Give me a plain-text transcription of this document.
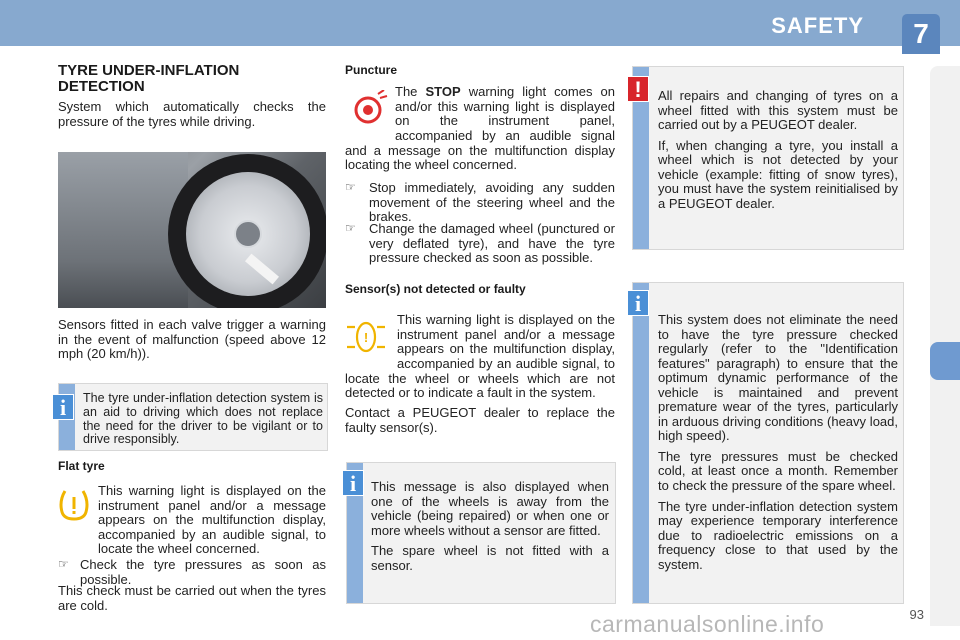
SAFETY	7
TYRE UNDER-INFLATION DETECTION
System which automatically checks the pressure of the tyres while driving.
Sensors fitted in each valve trigger a warning in the event of malfunction (speed above 12 mph (20 km/h)).
The tyre under-inflation detection system is an aid to driving which does not replace the need for the driver to be vigilant or to drive responsibly.
i
Flat tyre
This warning light is displayed on the instrument panel and/or a message appears on the multifunction display, accompanied by an audible signal, to locate the wheel concerned.
☞ Check the tyre pressures as soon as possible.
This check must be carried out when the tyres are cold.
Puncture
The STOP warning light comes on and/or this warning light is displayed on the instrument panel, accompanied by an audible signal and a message on the multifunction display locating the wheel concerned.
☞	Stop immediately, avoiding any sudden movement of the steering wheel and the brakes.
☞	Change the damaged wheel (punctured or very deflated tyre), and have the tyre pressure checked as soon as possible.
Sensor(s) not detected or faulty
!
This warning light is displayed on the instrument panel and/or a message appears on the multifunction display, accompanied by an audible signal, to locate the wheel or wheels which are not detected or to indicate a fault in the system.
Contact a PEUGEOT dealer to replace the faulty sensor(s).
This message is also displayed when one of the wheels is away from the vehicle (being repaired) or when one or more wheels without a sensor are fitted.
The spare wheel is not fitted with a sensor.
i
All repairs and changing of tyres on a wheel fitted with this system must be carried out by a PEUGEOT dealer.
If, when changing a tyre, you install a wheel which is not detected by your vehicle (example: fitting of snow tyres), you must have the system reinitialised by a PEUGEOT dealer.
!
This system does not eliminate the need to have the tyre pressure checked regularly (refer to the "Identification features" paragraph) to ensure that the optimum dynamic performance of the vehicle is maintained and prevent premature wear of the tyres, particularly in arduous driving conditions (heavy load, high speed).
The tyre pressures must be checked cold, at least once a month. Remember to check the pressure of the spare wheel.
The tyre under-inflation detection system may experience temporary interference due to radioelectric emissions on a frequency close to that used by the system.
i
93
carmanualsonline.info
